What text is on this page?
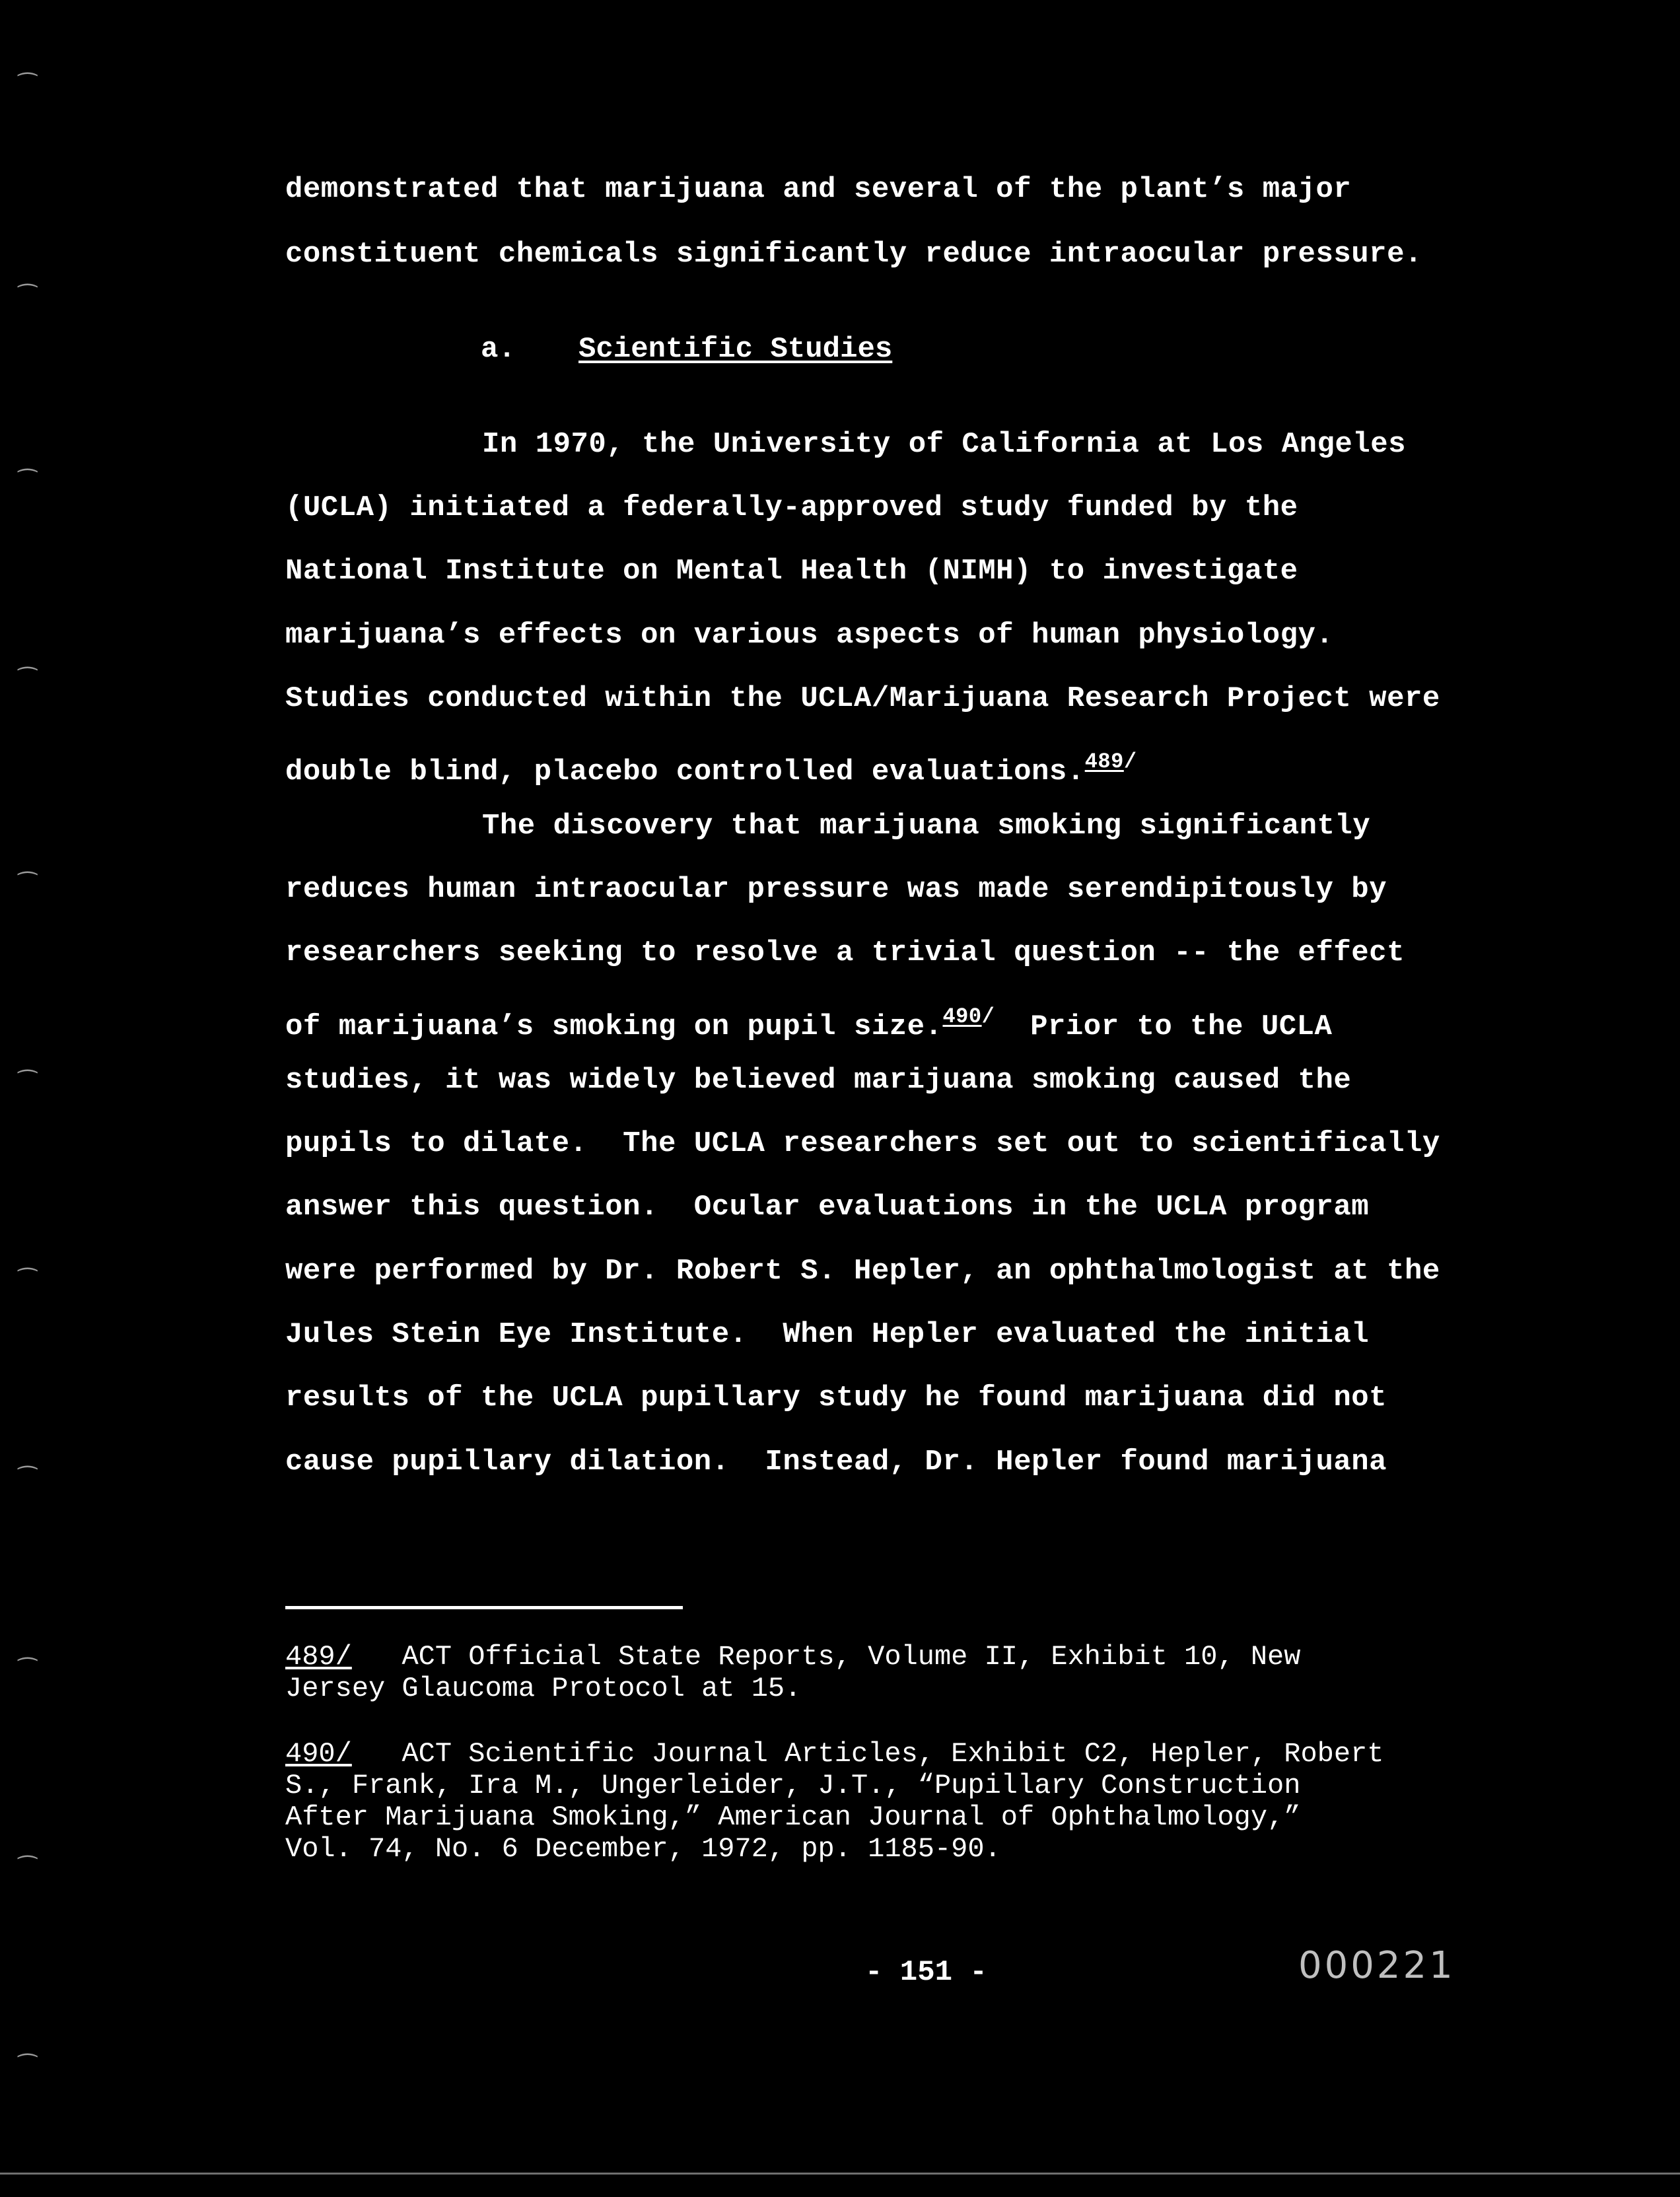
demonstrated that marijuana and several of the plant’s major
constituent chemicals significantly reduce intraocular pressure.
a. Scientific Studies
In 1970, the University of California at Los Angeles
(UCLA) initiated a federally-approved study funded by the
National Institute on Mental Health (NIMH) to investigate
marijuana’s effects on various aspects of human physiology.
Studies conducted within the UCLA/Marijuana Research Project were
double blind, placebo controlled evaluations.$^{489/}$
The discovery that marijuana smoking significantly
reduces human intraocular pressure was made serendipitously by
researchers seeking to resolve a trivial question -- the effect
of marijuana’s smoking on pupil size.$^{490/}$  Prior to the UCLA
studies, it was widely believed marijuana smoking caused the
pupils to dilate.  The UCLA researchers set out to scientifically
answer this question.  Ocular evaluations in the UCLA program
were performed by Dr. Robert S. Hepler, an ophthalmologist at the
Jules Stein Eye Institute.  When Hepler evaluated the initial
results of the UCLA pupillary study he found marijuana did not
cause pupillary dilation.  Instead, Dr. Hepler found marijuana
489/   ACT Official State Reports, Volume II, Exhibit 10, New
Jersey Glaucoma Protocol at 15.
490/   ACT Scientific Journal Articles, Exhibit C2, Hepler, Robert
S., Frank, Ira M., Ungerleider, J.T., “Pupillary Construction
After Marijuana Smoking,” American Journal of Ophthalmology,”
Vol. 74, No. 6 December, 1972, pp. 1185-90.
- 151 -	000221
⁀
⁀
⁀
⁀
⁀
⁀
⁀
⁀
⁀
⁀
⁀
